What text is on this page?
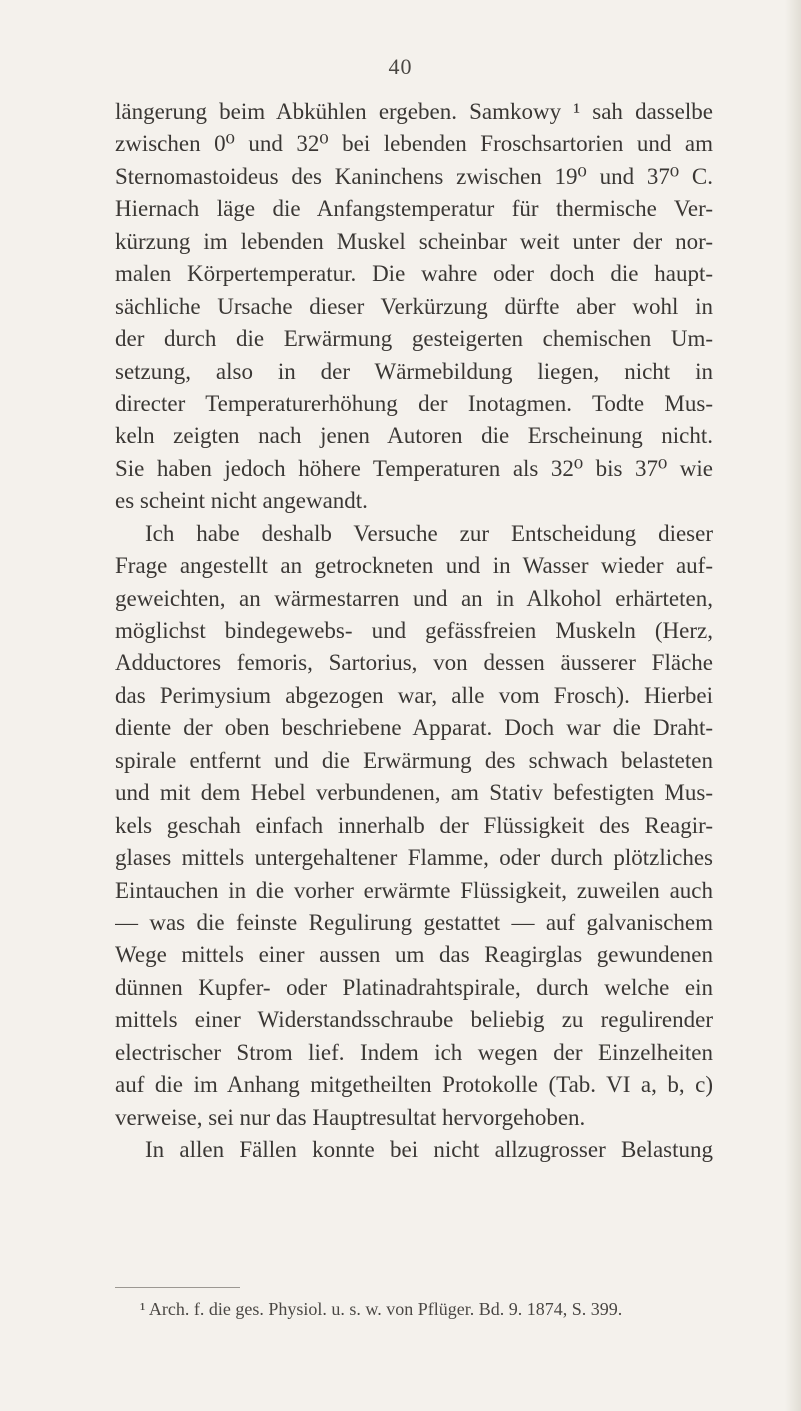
40
längerung beim Abkühlen ergeben. Samkowy ¹ sah dasselbe
zwischen 0⁰ und 32⁰ bei lebenden Froschsartorien und am
Sternomastoideus des Kaninchens zwischen 19⁰ und 37⁰ C.
Hiernach läge die Anfangstemperatur für thermische Ver-
kürzung im lebenden Muskel scheinbar weit unter der nor-
malen Körpertemperatur. Die wahre oder doch die haupt-
sächliche Ursache dieser Verkürzung dürfte aber wohl in
der durch die Erwärmung gesteigerten chemischen Um-
setzung, also in der Wärmebildung liegen, nicht in
directer Temperaturerhöhung der Inotagmen. Todte Mus-
keln zeigten nach jenen Autoren die Erscheinung nicht.
Sie haben jedoch höhere Temperaturen als 32⁰ bis 37⁰ wie
es scheint nicht angewandt.
Ich habe deshalb Versuche zur Entscheidung dieser
Frage angestellt an getrockneten und in Wasser wieder auf-
geweichten, an wärmestarren und an in Alkohol erhärteten,
möglichst bindegewebs- und gefässfreien Muskeln (Herz,
Adductores femoris, Sartorius, von dessen äusserer Fläche
das Perimysium abgezogen war, alle vom Frosch). Hierbei
diente der oben beschriebene Apparat. Doch war die Draht-
spirale entfernt und die Erwärmung des schwach belasteten
und mit dem Hebel verbundenen, am Stativ befestigten Mus-
kels geschah einfach innerhalb der Flüssigkeit des Reagir-
glases mittels untergehaltener Flamme, oder durch plötzliches
Eintauchen in die vorher erwärmte Flüssigkeit, zuweilen auch
— was die feinste Regulirung gestattet — auf galvanischem
Wege mittels einer aussen um das Reagirglas gewundenen
dünnen Kupfer- oder Platinadrahtspirale, durch welche ein
mittels einer Widerstandsschraube beliebig zu regulirender
electrischer Strom lief. Indem ich wegen der Einzelheiten
auf die im Anhang mitgetheilten Protokolle (Tab. VI a, b, c)
verweise, sei nur das Hauptresultat hervorgehoben.
In allen Fällen konnte bei nicht allzugrosser Belastung
¹ Arch. f. die ges. Physiol. u. s. w. von Pflüger. Bd. 9. 1874, S. 399.
